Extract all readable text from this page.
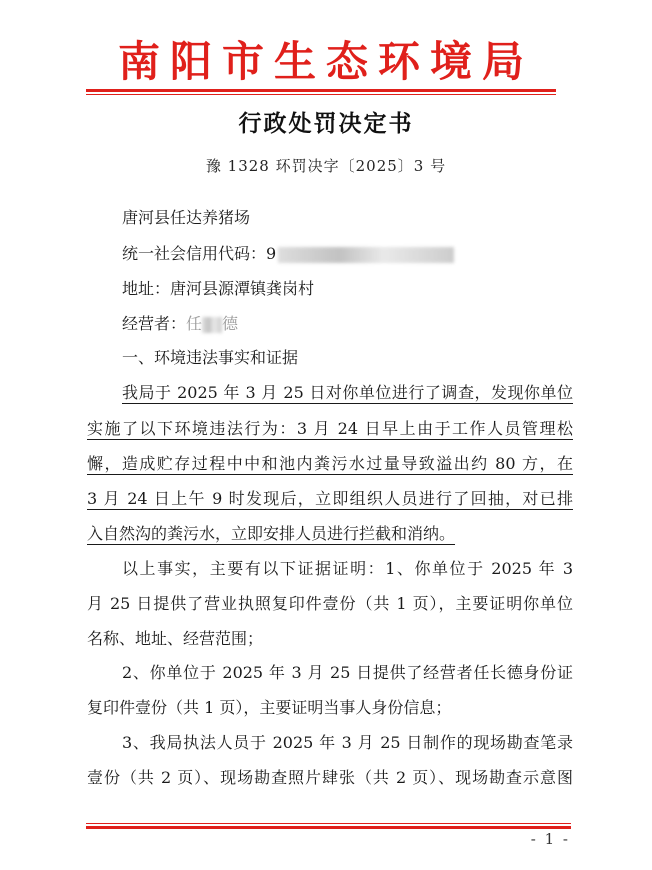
南阳市生态环境局
行政处罚决定书
豫 1328 环罚决字〔2025〕3 号
唐河县任达养猪场
统一社会信用代码：9
地址：唐河县源潭镇龚岗村
经营者：任 德
一、环境违法事实和证据
我局于 2025 年 3 月 25 日对你单位进行了调查，发现你单位
实施了以下环境违法行为：3 月 24 日早上由于工作人员管理松
懈，造成贮存过程中中和池内粪污水过量导致溢出约 80 方，在
3 月 24 日上午 9 时发现后，立即组织人员进行了回抽，对已排
入自然沟的粪污水，立即安排人员进行拦截和消纳。
以上事实，主要有以下证据证明：1、你单位于 2025 年 3
月 25 日提供了营业执照复印件壹份（共 1 页），主要证明你单位
名称、地址、经营范围；
2、你单位于 2025 年 3 月 25 日提供了经营者任长德身份证
复印件壹份（共 1 页），主要证明当事人身份信息；
3、我局执法人员于 2025 年 3 月 25 日制作的现场勘查笔录
壹份（共 2 页）、现场勘查照片肆张（共 2 页）、现场勘查示意图
- 1 -
